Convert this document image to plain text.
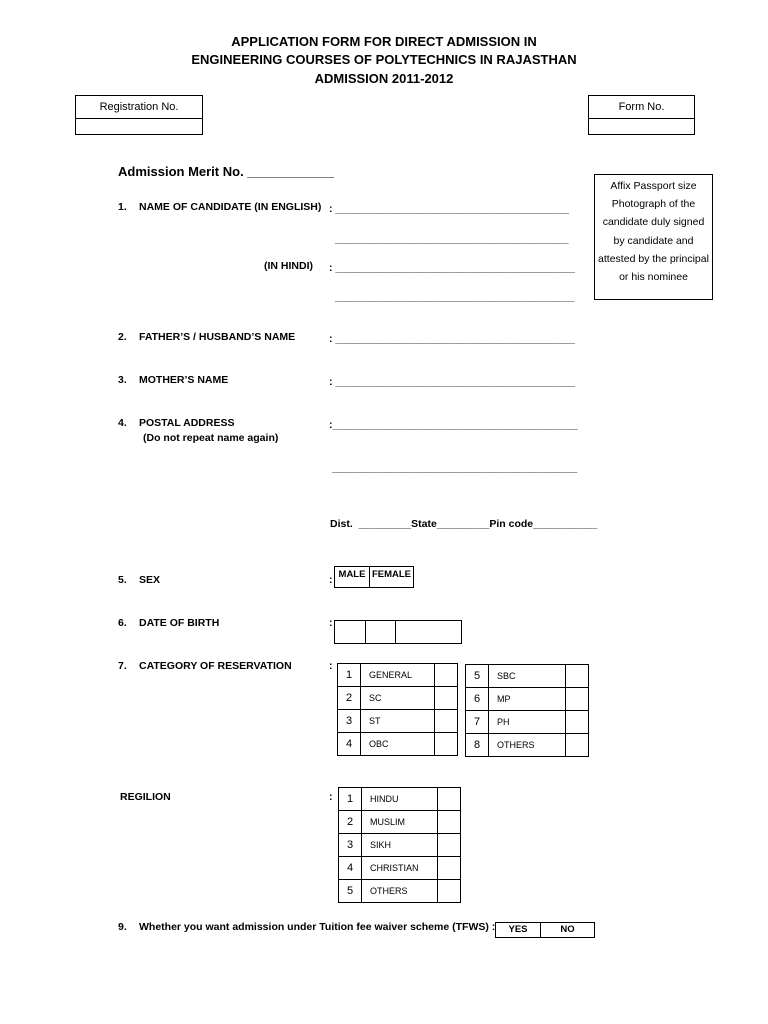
APPLICATION FORM FOR DIRECT ADMISSION IN
ENGINEERING COURSES OF POLYTECHNICS IN RAJASTHAN
ADMISSION 2011-2012
Registration No.	Form No.
Admission Merit No. ____________
Affix Passport size Photograph of the candidate duly signed by candidate and attested by the principal or his nominee
1. NAME OF CANDIDATE (IN ENGLISH) : ________________________________________
________________________________________
(IN HINDI) : _________________________________________
_________________________________________
2. FATHER’S / HUSBAND’S NAME	: _________________________________________
3. MOTHER’S NAME	: _________________________________________
4. POSTAL ADDRESS
(Do not repeat name again)
:__________________________________________
__________________________________________
Dist.  _________State_________Pin code___________
5. SEX	: MALE FEMALE
6. DATE OF BIRTH	:
7. CATEGORY OF RESERVATION	:
1	GENERAL	
2	SC	
3	ST	
4	OBC	
5	SBC	
6	MP	
7	PH	
8	OTHERS	
REGILION	: 1	HINDU	
2	MUSLIM	
3	SIKH	
4	CHRISTIAN	
5	OTHERS	
9. Whether you want admission under Tuition fee waiver scheme (TFWS) :	YES	NO
